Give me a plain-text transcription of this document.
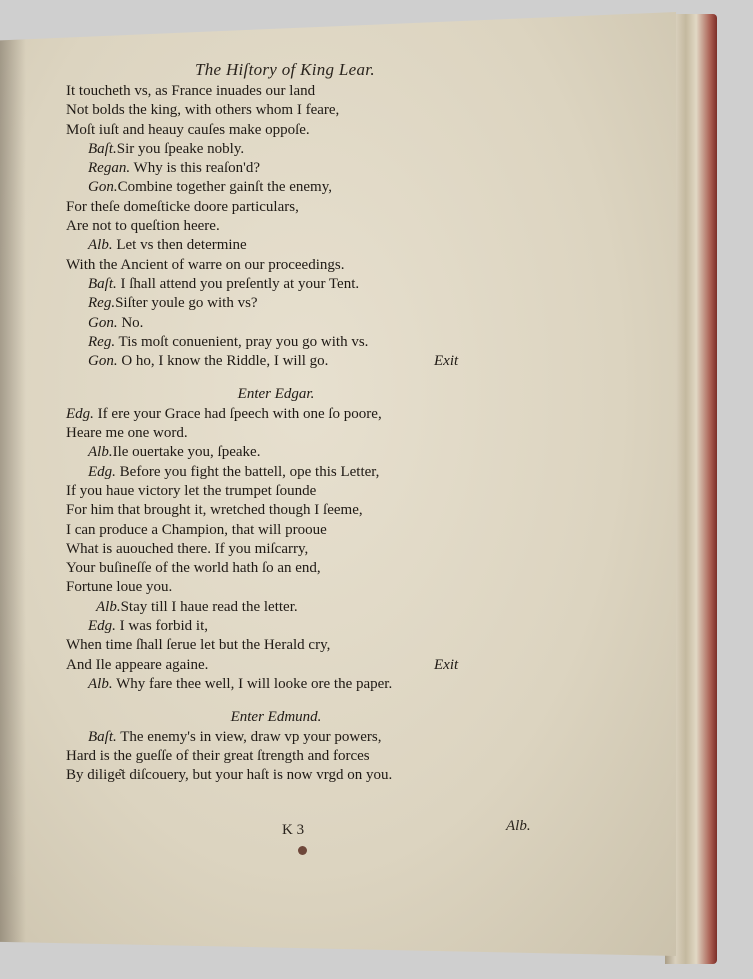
The Hiſtory of King Lear.
It toucheth vs, as France inuades our land
Not bolds the king, with others whom I feare,
Moſt iuſt and heauy cauſes make oppoſe.
Baſt.Sir you ſpeake nobly.
Regan. Why is this reaſon'd?
Gon.Combine together gainſt the enemy,
For theſe domeſticke doore particulars,
Are not to queſtion heere.
Alb. Let vs then determine
With the Ancient of warre on our proceedings.
Baſt. I ſhall attend you preſently at your Tent.
Reg.Siſter youle go with vs?
Gon. No.
Reg. Tis moſt conuenient, pray you go with vs.
Gon. O ho, I know the Riddle, I will go.	Exit
Enter Edgar.
Edg. If ere your Grace had ſpeech with one ſo poore,
Heare me one word.
Alb.Ile ouertake you, ſpeake.
Edg. Before you fight the battell, ope this Letter,
If you haue victory let the trumpet ſounde
For him that brought it, wretched though I ſeeme,
I can produce a Champion, that will prooue
What is auouched there. If you miſcarry,
Your buſineſſe of the world hath ſo an end,
Fortune loue you.
Alb.Stay till I haue read the letter.
Edg. I was forbid it,
When time ſhall ſerue let but the Herald cry,
And Ile appeare againe.	Exit
Alb. Why fare thee well, I will looke ore the paper.
Enter Edmund.
Baſt. The enemy's in view, draw vp your powers,
Hard is the gueſſe of their great ſtrength and forces
By dilige͂t diſcouery, but your haſt is now vrgd on you.
K 3	Alb.
